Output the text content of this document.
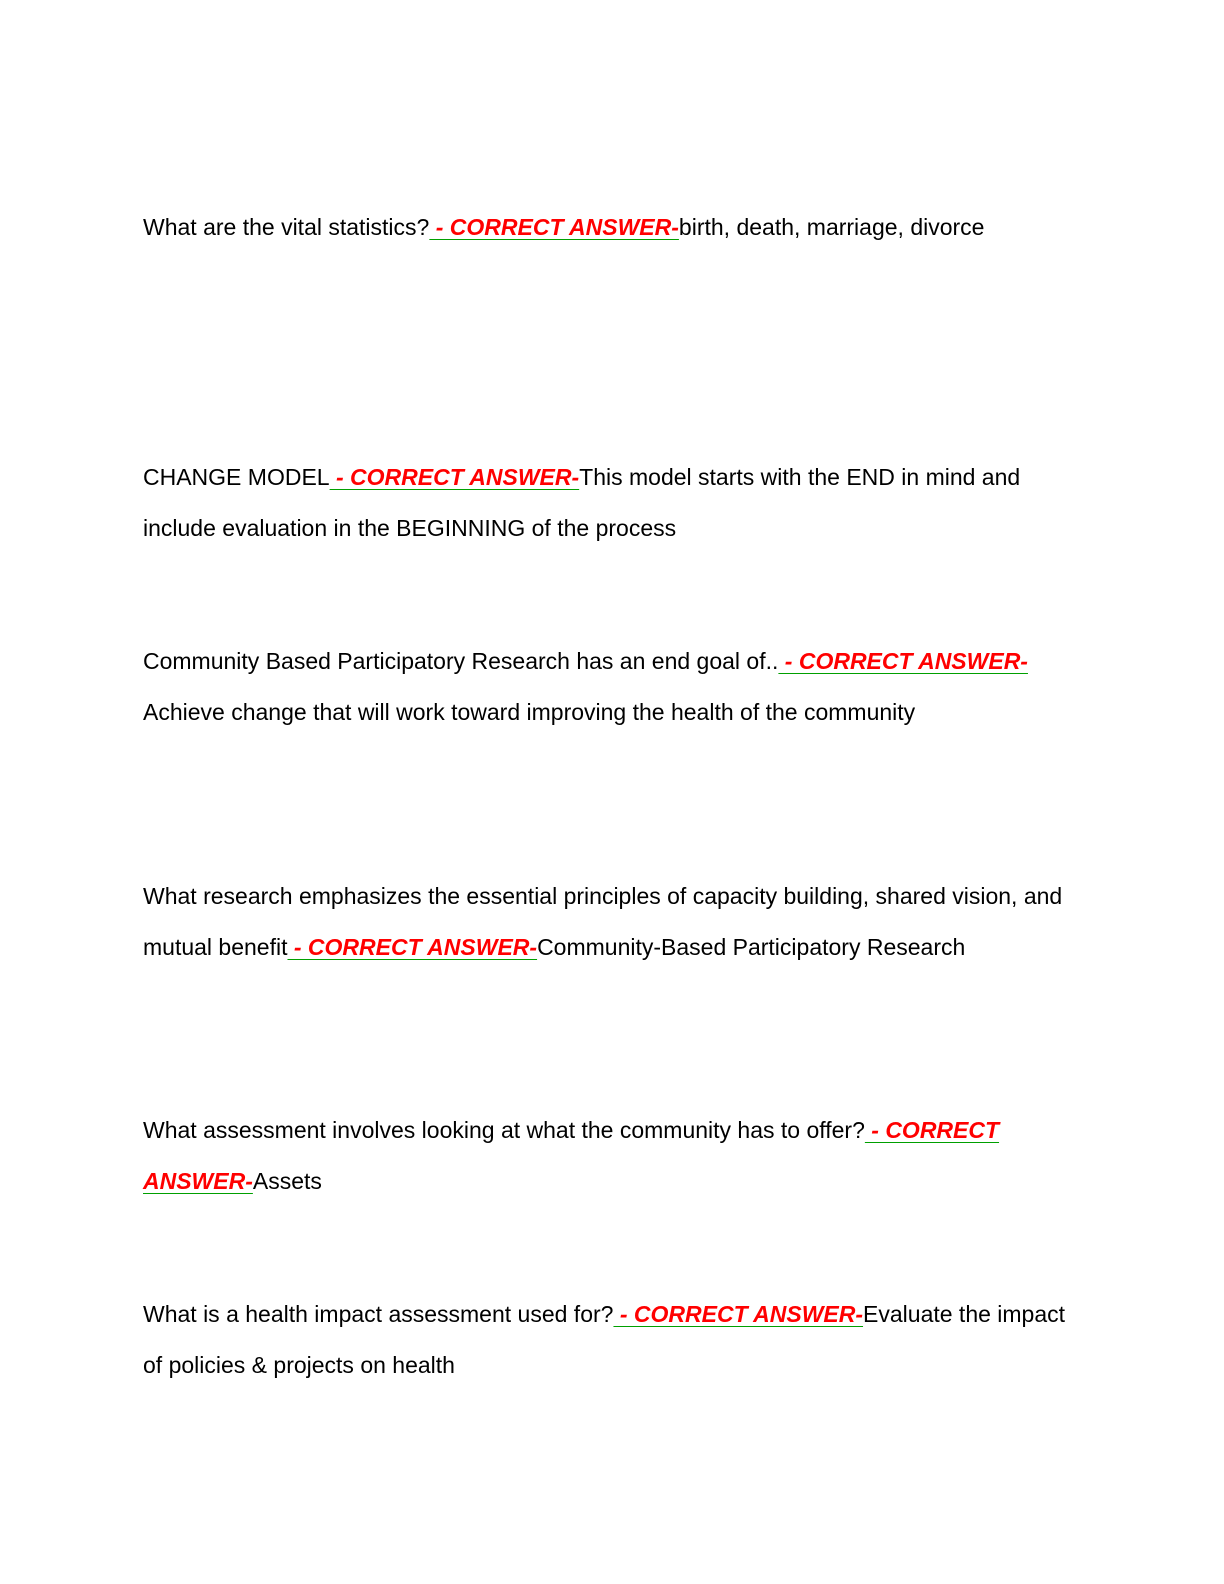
What are the vital statistics? - CORRECT ANSWER-birth, death, marriage, divorce

CHANGE MODEL - CORRECT ANSWER-This model starts with the END in mind and include evaluation in the BEGINNING of the process

Community Based Participatory Research has an end goal of.. - CORRECT ANSWER-Achieve change that will work toward improving the health of the community

What research emphasizes the essential principles of capacity building, shared vision, and mutual benefit - CORRECT ANSWER-Community-Based Participatory Research

What assessment involves looking at what the community has to offer? - CORRECT ANSWER-Assets

What is a health impact assessment used for? - CORRECT ANSWER-Evaluate the impact of policies & projects on health
